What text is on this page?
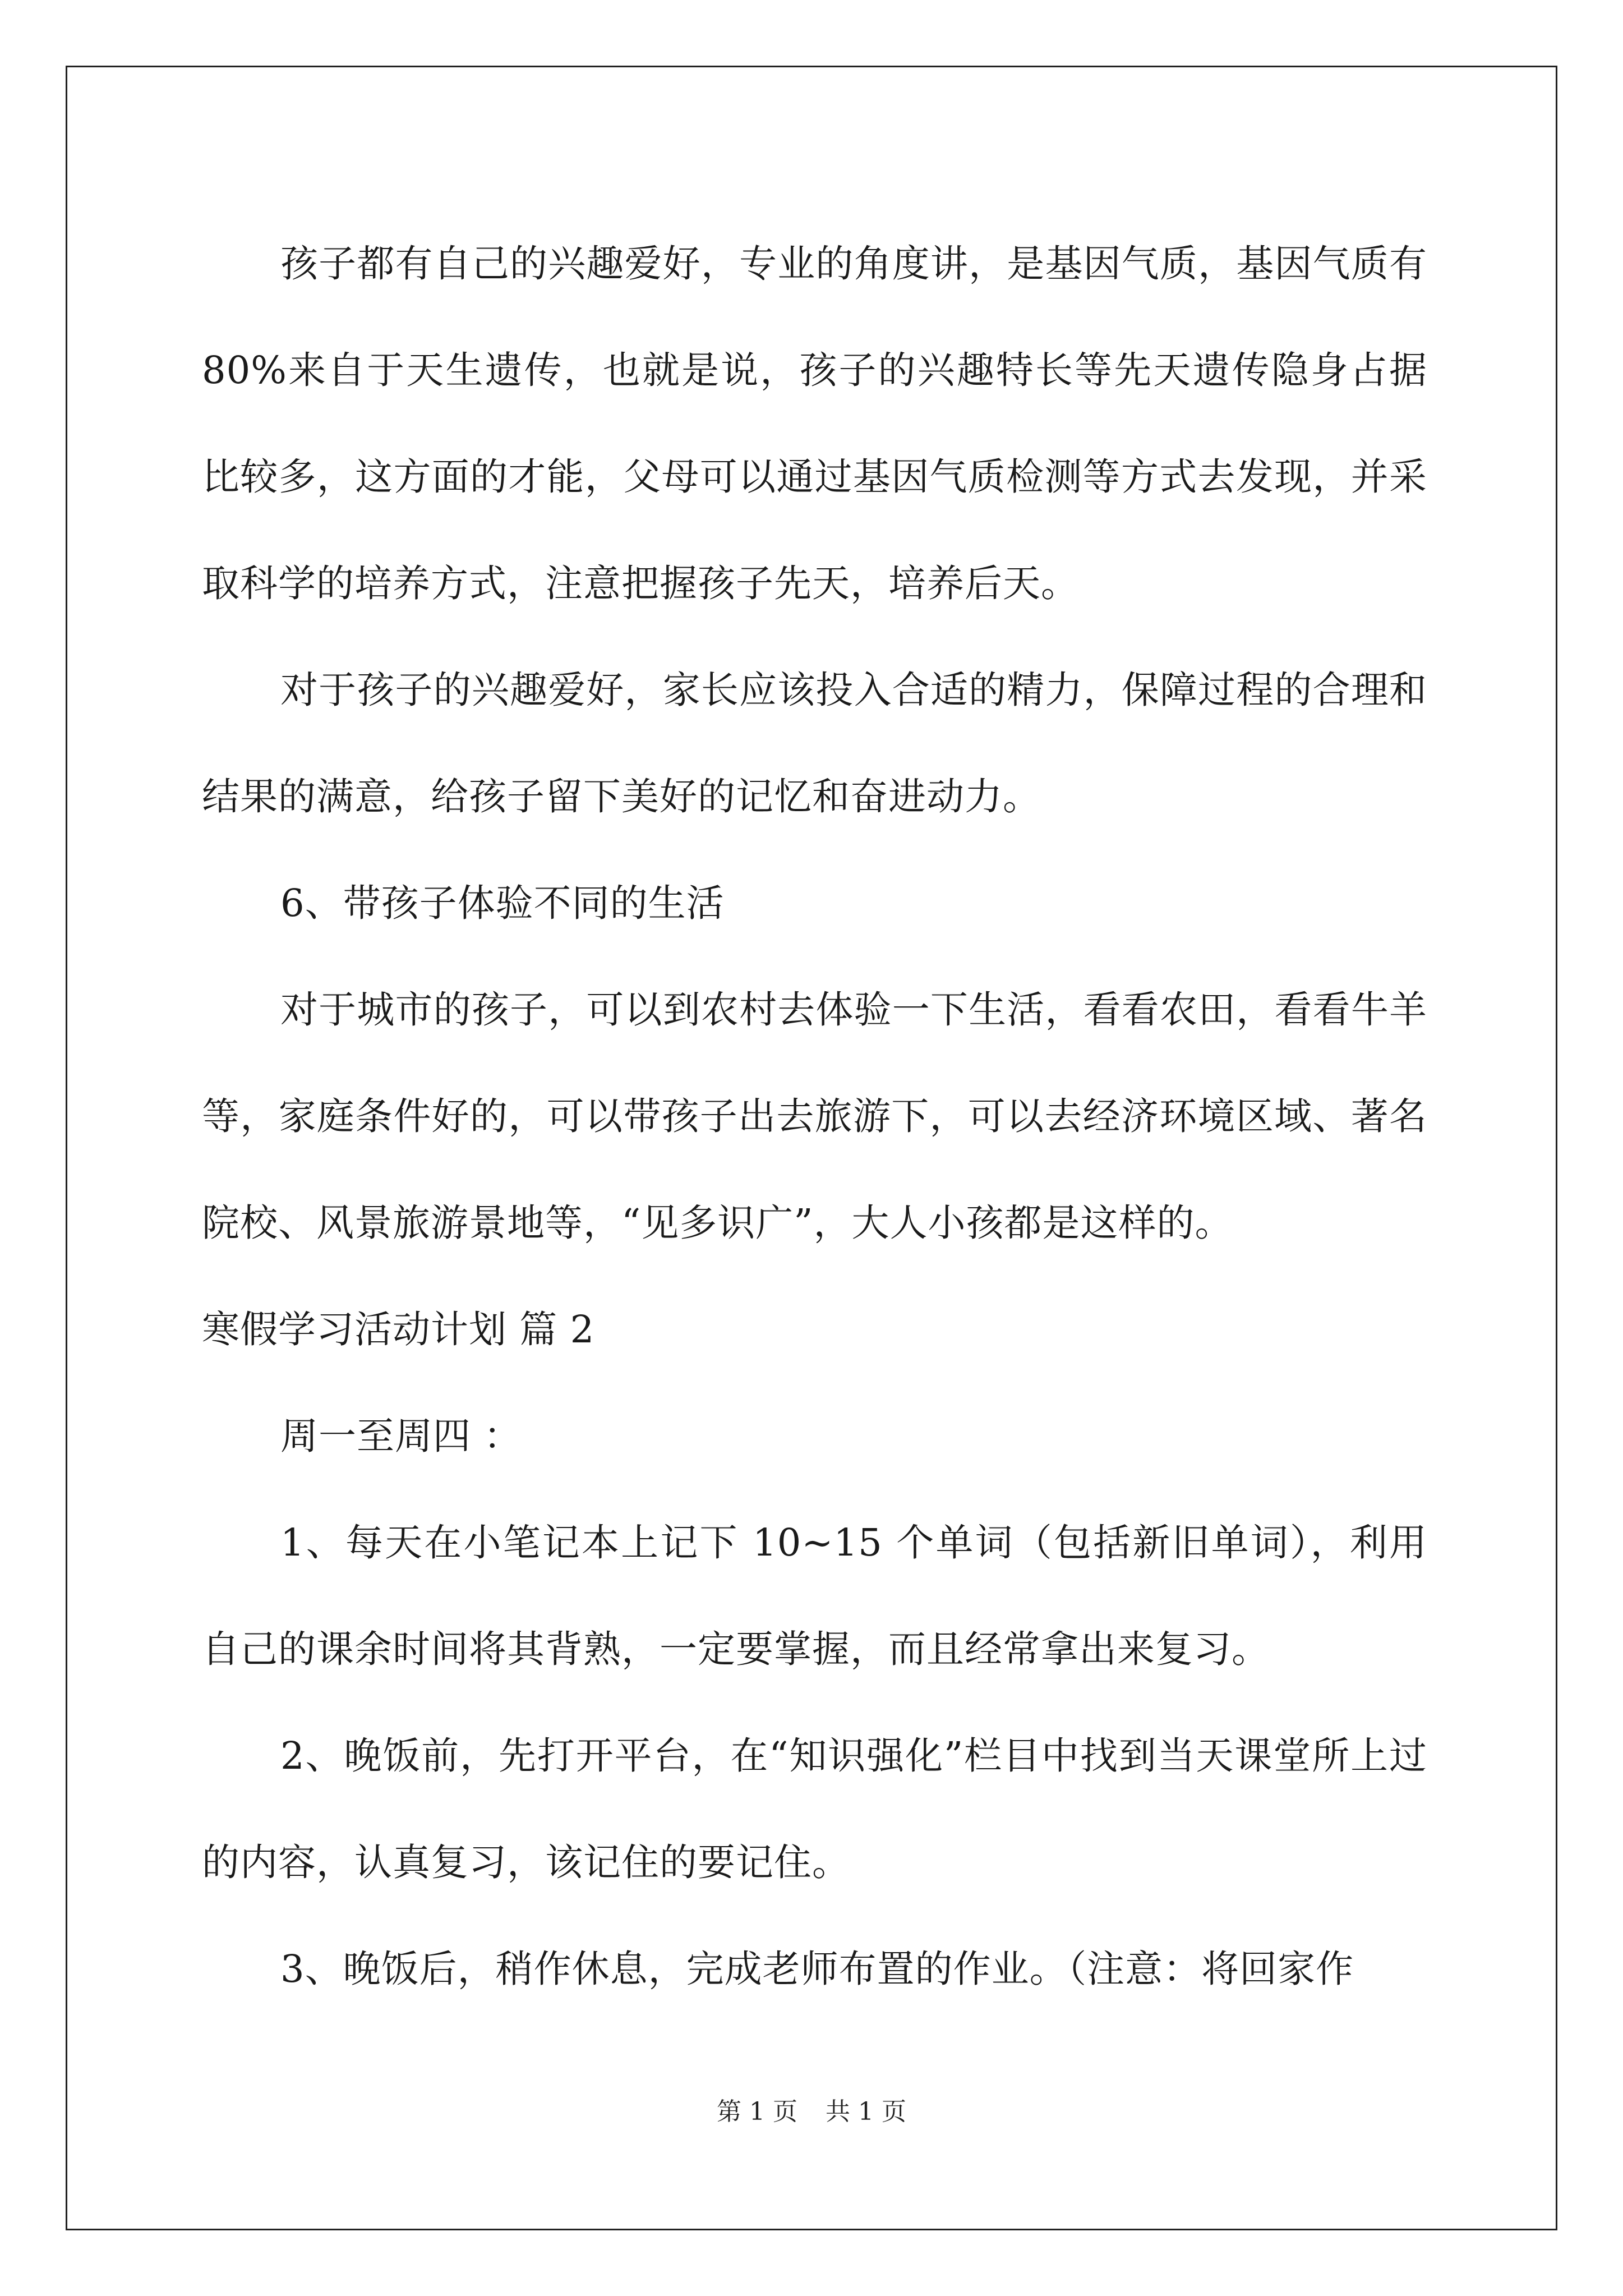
孩子都有自己的兴趣爱好，专业的角度讲，是基因气质，基因气质有 80%来自于天生遗传，也就是说，孩子的兴趣特长等先天遗传隐身占据比较多，这方面的才能，父母可以通过基因气质检测等方式去发现，并采取科学的培养方式，注意把握孩子先天，培养后天。

对于孩子的兴趣爱好，家长应该投入合适的精力，保障过程的合理和结果的满意，给孩子留下美好的记忆和奋进动力。

6、带孩子体验不同的生活

对于城市的孩子，可以到农村去体验一下生活，看看农田，看看牛羊等，家庭条件好的，可以带孩子出去旅游下，可以去经济环境区域、著名院校、风景旅游景地等，“见多识广”，大人小孩都是这样的。

寒假学习活动计划 篇 2

周一至周四 ：

1、每天在小笔记本上记下 10~15 个单词（包括新旧单词），利用自己的课余时间将其背熟，一定要掌握，而且经常拿出来复习。

2、晚饭前，先打开平台，在“知识强化”栏目中找到当天课堂所上过的内容，认真复习，该记住的要记住。

3、晚饭后，稍作休息，完成老师布置的作业。（注意：将回家作

第 1 页 共 1 页
